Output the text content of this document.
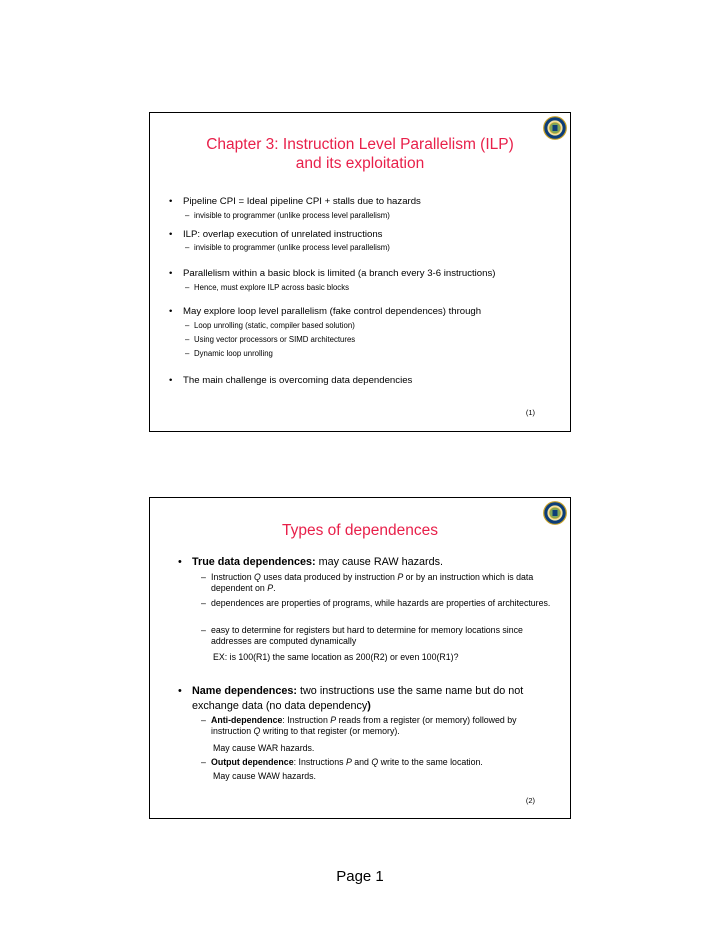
Chapter 3: Instruction Level Parallelism (ILP)
and its exploitation
• Pipeline CPI = Ideal pipeline CPI + stalls due to hazards
– invisible to programmer (unlike process level parallelism)
• ILP: overlap execution of unrelated instructions
– invisible to programmer (unlike process level parallelism)
• Parallelism within a basic block is limited (a branch every 3-6 instructions)
– Hence, must explore ILP across basic blocks
• May explore loop level parallelism (fake control dependences) through
– Loop unrolling (static, compiler based solution)
– Using vector processors or SIMD architectures
– Dynamic loop unrolling
• The main challenge is overcoming data dependencies
(1)
Types of dependences
• True data dependences: may cause RAW hazards.
– Instruction Q uses data produced by instruction P or by an instruction which is data dependent on P.
– dependences are properties of programs, while hazards are properties of architectures.
– easy to determine for registers but hard to determine for memory locations since addresses are computed dynamically
EX: is 100(R1) the same location as 200(R2) or even 100(R1)?
• Name dependences: two instructions use the same name but do not exchange data (no data dependency)
– Anti-dependence: Instruction P reads from a register (or memory) followed by instruction Q writing to that register (or memory).
May cause WAR hazards.
– Output dependence: Instructions P and Q write to the same location.
May cause WAW hazards.
(2)
Page 1
